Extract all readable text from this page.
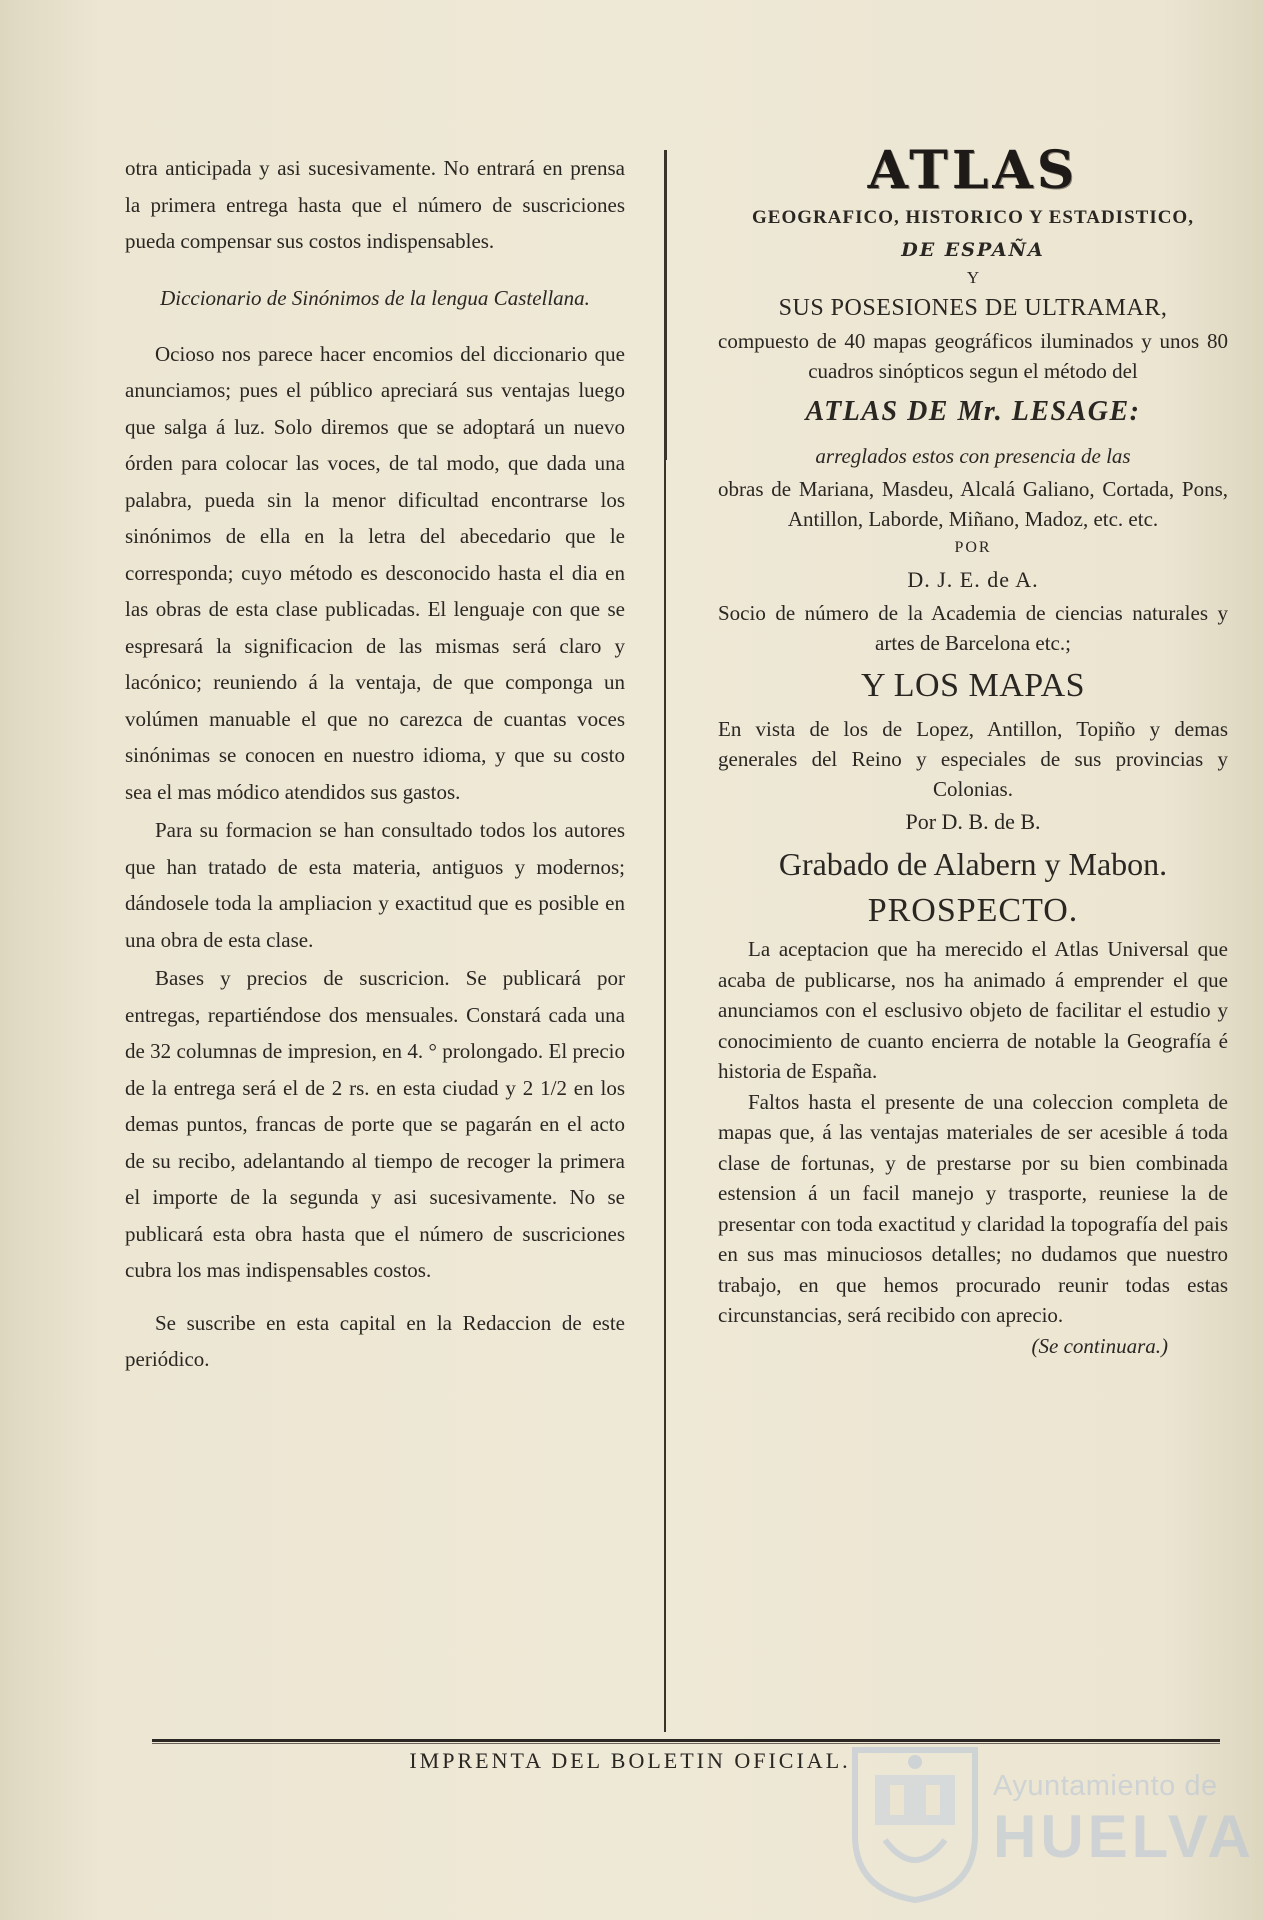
otra anticipada y asi sucesivamente. No entrará en prensa la primera entrega hasta que el número de suscriciones pueda compensar sus costos indispensables.

Diccionario de Sinónimos de la lengua Castellana.

Ocioso nos parece hacer encomios del diccionario que anunciamos; pues el público apreciará sus ventajas luego que salga á luz. Solo diremos que se adoptará un nuevo órden para colocar las voces, de tal modo, que dada una palabra, pueda sin la menor dificultad encontrarse los sinónimos de ella en la letra del abecedario que le corresponda; cuyo método es desconocido hasta el dia en las obras de esta clase publicadas. El lenguaje con que se espresará la significacion de las mismas será claro y lacónico; reuniendo á la ventaja, de que componga un volúmen manuable el que no carezca de cuantas voces sinónimas se conocen en nuestro idioma, y que su costo sea el mas módico atendidos sus gastos.

Para su formacion se han consultado todos los autores que han tratado de esta materia, antiguos y modernos; dándosele toda la ampliacion y exactitud que es posible en una obra de esta clase.

Bases y precios de suscricion. Se publicará por entregas, repartiéndose dos mensuales. Constará cada una de 32 columnas de impresion, en 4. ° prolongado. El precio de la entrega será el de 2 rs. en esta ciudad y 2 1/2 en los demas puntos, francas de porte que se pagarán en el acto de su recibo, adelantando al tiempo de recoger la primera el importe de la segunda y asi sucesivamente. No se publicará esta obra hasta que el número de suscriciones cubra los mas indispensables costos.

Se suscribe en esta capital en la Redaccion de este periódico.

ATLAS

GEOGRAFICO, HISTORICO Y ESTADISTICO,

DE ESPAÑA

Y

SUS POSESIONES DE ULTRAMAR,

compuesto de 40 mapas geográficos iluminados y unos 80 cuadros sinópticos segun el método del

ATLAS DE Mr. LESAGE:

arreglados estos con presencia de las

obras de Mariana, Masdeu, Alcalá Galiano, Cortada, Pons, Antillon, Laborde, Miñano, Madoz, etc. etc.

POR

D. J. E. de A.

Socio de número de la Academia de ciencias naturales y artes de Barcelona etc.;

Y LOS MAPAS

En vista de los de Lopez, Antillon, Topiño y demas generales del Reino y especiales de sus provincias y Colonias.

Por D. B. de B.

Grabado de Alabern y Mabon.

PROSPECTO.

La aceptacion que ha merecido el Atlas Universal que acaba de publicarse, nos ha animado á emprender el que anunciamos con el esclusivo objeto de facilitar el estudio y conocimiento de cuanto encierra de notable la Geografía é historia de España.

Faltos hasta el presente de una coleccion completa de mapas que, á las ventajas materiales de ser acesible á toda clase de fortunas, y de prestarse por su bien combinada estension á un facil manejo y trasporte, reuniese la de presentar con toda exactitud y claridad la topografía del pais en sus mas minuciosos detalles; no dudamos que nuestro trabajo, en que hemos procurado reunir todas estas circunstancias, será recibido con aprecio.

(Se continuara.)

IMPRENTA DEL BOLETIN OFICIAL.
Ayuntamiento de
HUELVA
